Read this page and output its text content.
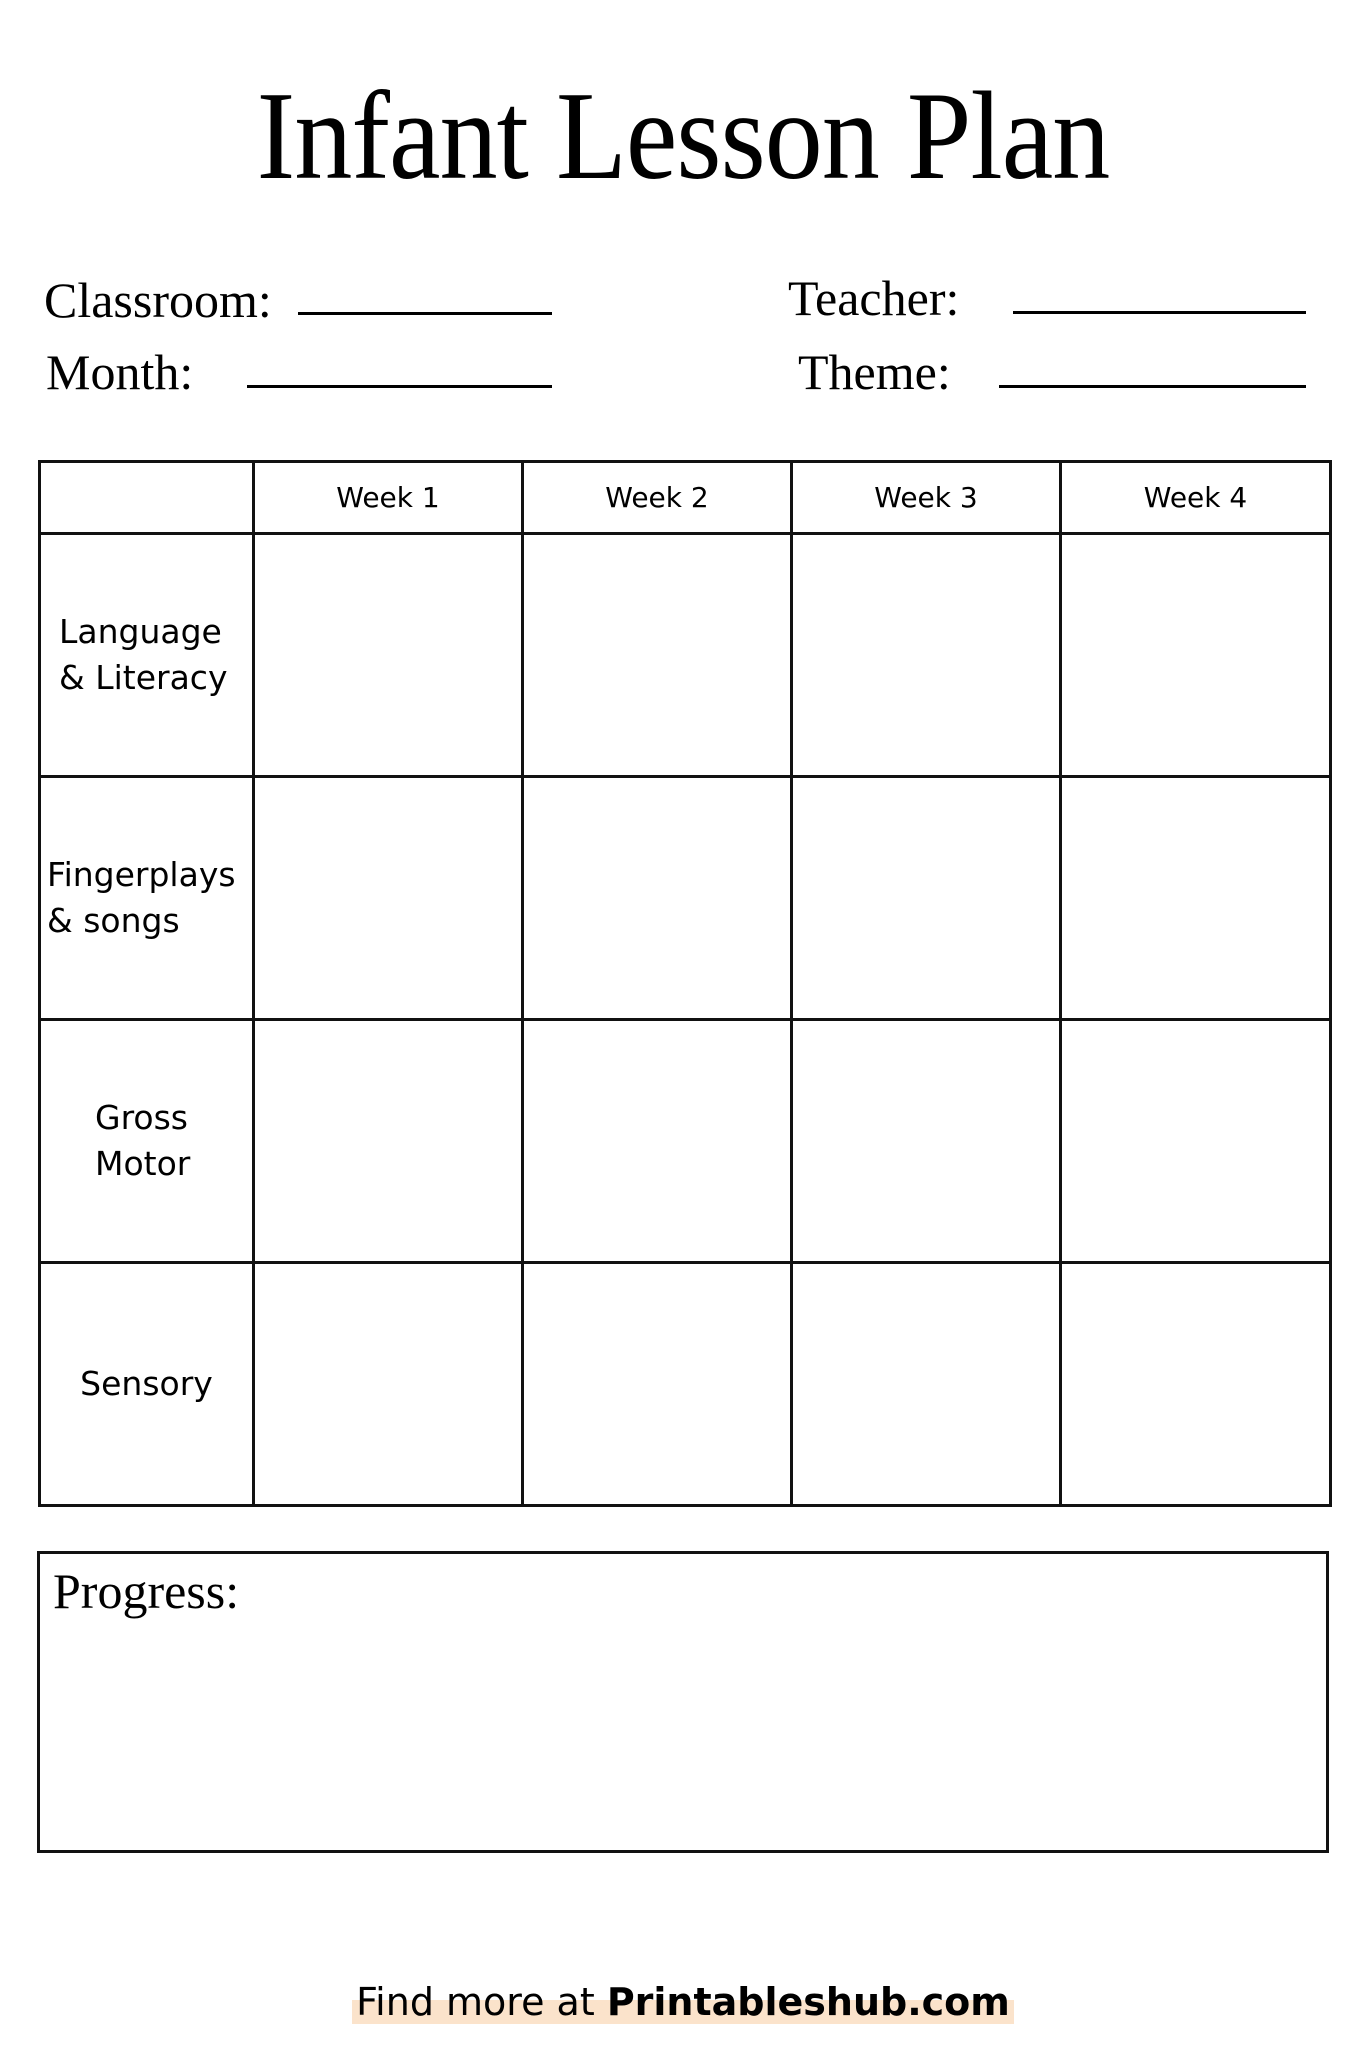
Infant Lesson Plan
Classroom:	Teacher:
Month:	Theme:
	Week 1	Week 2	Week 3	Week 4

Language
& Literacy				

Fingerplays
& songs				

Gross
Motor				

Sensory				

Progress:
Find more at Printableshub.com
